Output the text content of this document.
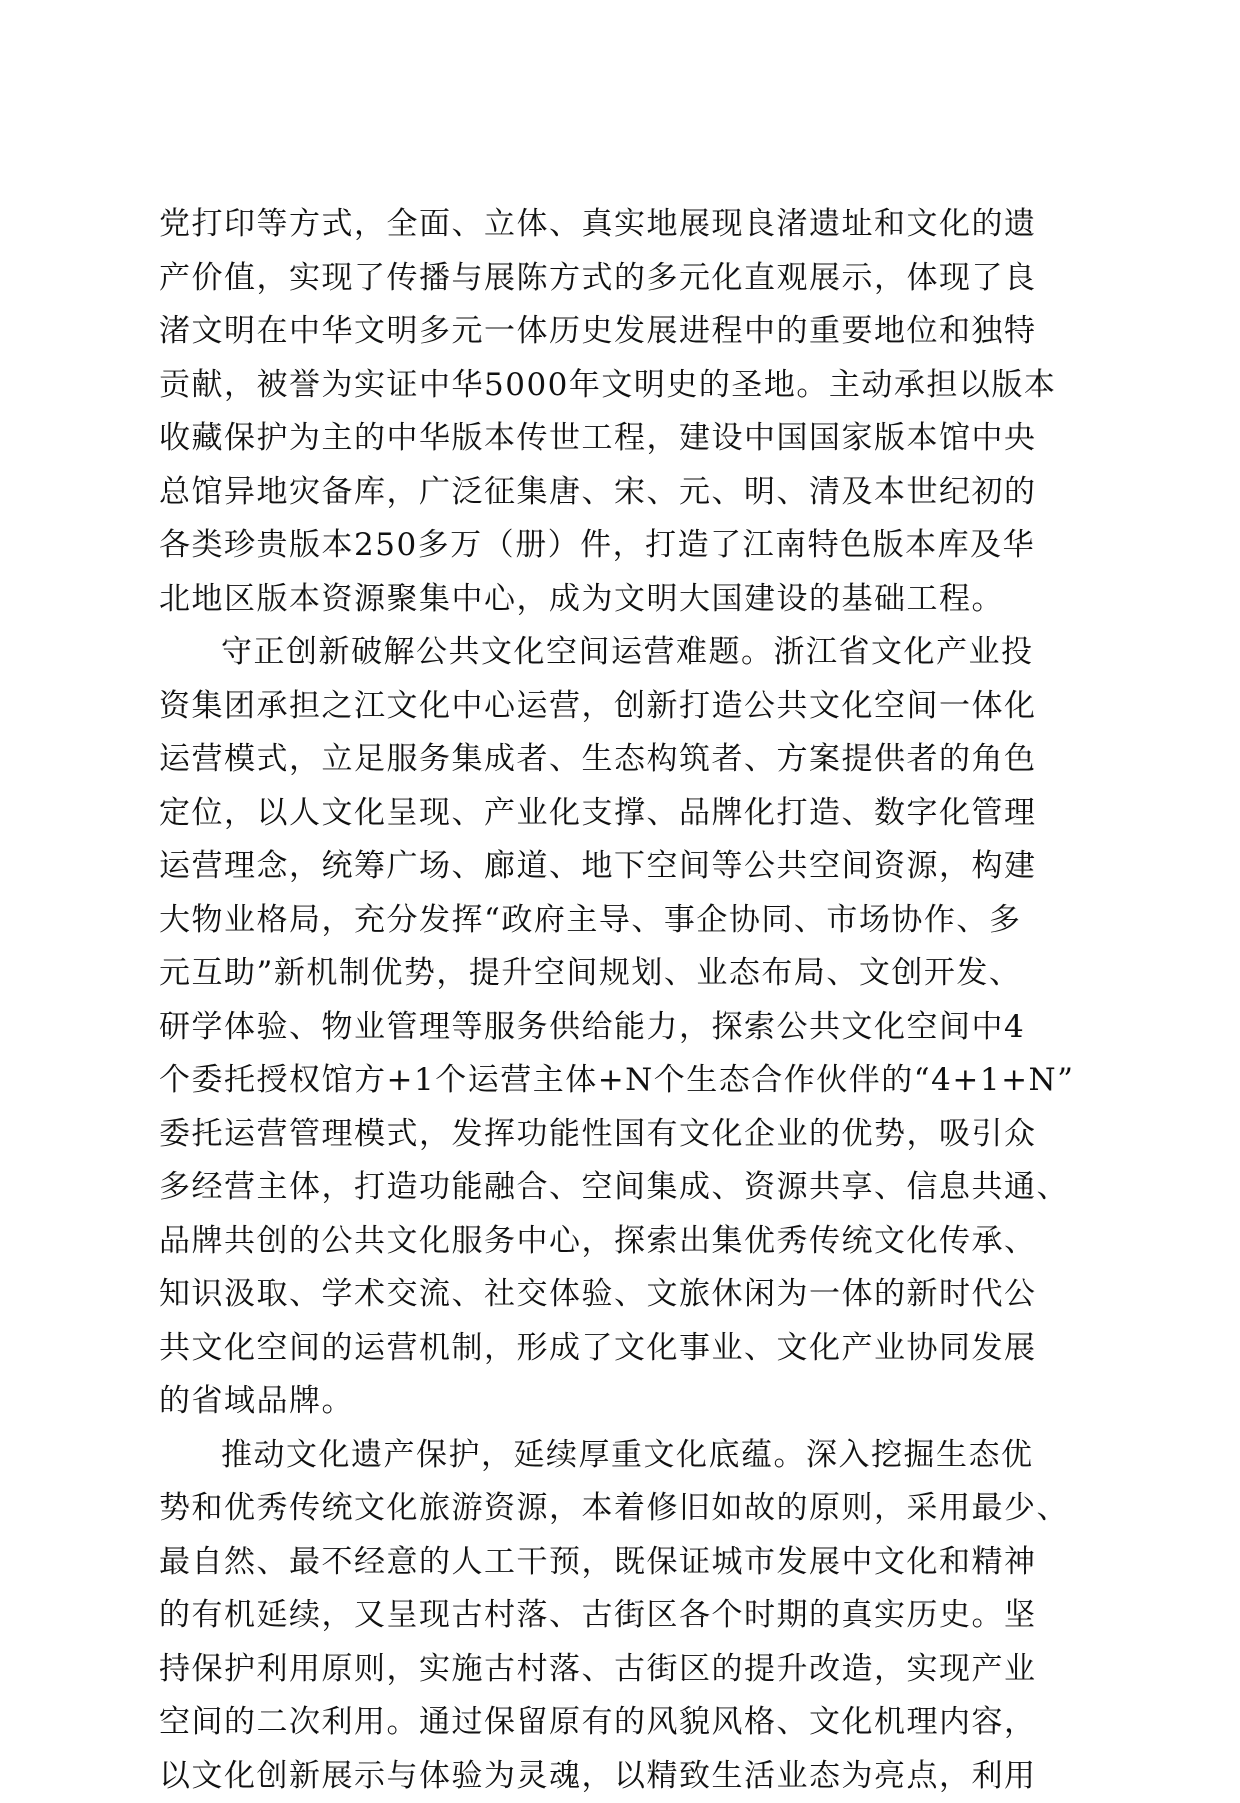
党打印等方式，全面、立体、真实地展现良渚遗址和文化的遗
产价值，实现了传播与展陈方式的多元化直观展示，体现了良
渚文明在中华文明多元一体历史发展进程中的重要地位和独特
贡献，被誉为实证中华5000年文明史的圣地。主动承担以版本
收藏保护为主的中华版本传世工程，建设中国国家版本馆中央
总馆异地灾备库，广泛征集唐、宋、元、明、清及本世纪初的
各类珍贵版本250多万（册）件，打造了江南特色版本库及华
北地区版本资源聚集中心，成为文明大国建设的基础工程。
守正创新破解公共文化空间运营难题。浙江省文化产业投
资集团承担之江文化中心运营，创新打造公共文化空间一体化
运营模式，立足服务集成者、生态构筑者、方案提供者的角色
定位，以人文化呈现、产业化支撑、品牌化打造、数字化管理
运营理念，统筹广场、廊道、地下空间等公共空间资源，构建
大物业格局，充分发挥“政府主导、事企协同、市场协作、多
元互助”新机制优势，提升空间规划、业态布局、文创开发、
研学体验、物业管理等服务供给能力，探索公共文化空间中4
个委托授权馆方+1个运营主体+N个生态合作伙伴的“4+1+N”
委托运营管理模式，发挥功能性国有文化企业的优势，吸引众
多经营主体，打造功能融合、空间集成、资源共享、信息共通、
品牌共创的公共文化服务中心，探索出集优秀传统文化传承、
知识汲取、学术交流、社交体验、文旅休闲为一体的新时代公
共文化空间的运营机制，形成了文化事业、文化产业协同发展
的省域品牌。
推动文化遗产保护，延续厚重文化底蕴。深入挖掘生态优
势和优秀传统文化旅游资源，本着修旧如故的原则，采用最少、
最自然、最不经意的人工干预，既保证城市发展中文化和精神
的有机延续，又呈现古村落、古街区各个时期的真实历史。坚
持保护利用原则，实施古村落、古街区的提升改造，实现产业
空间的二次利用。通过保留原有的风貌风格、文化机理内容，
以文化创新展示与体验为灵魂，以精致生活业态为亮点，利用
